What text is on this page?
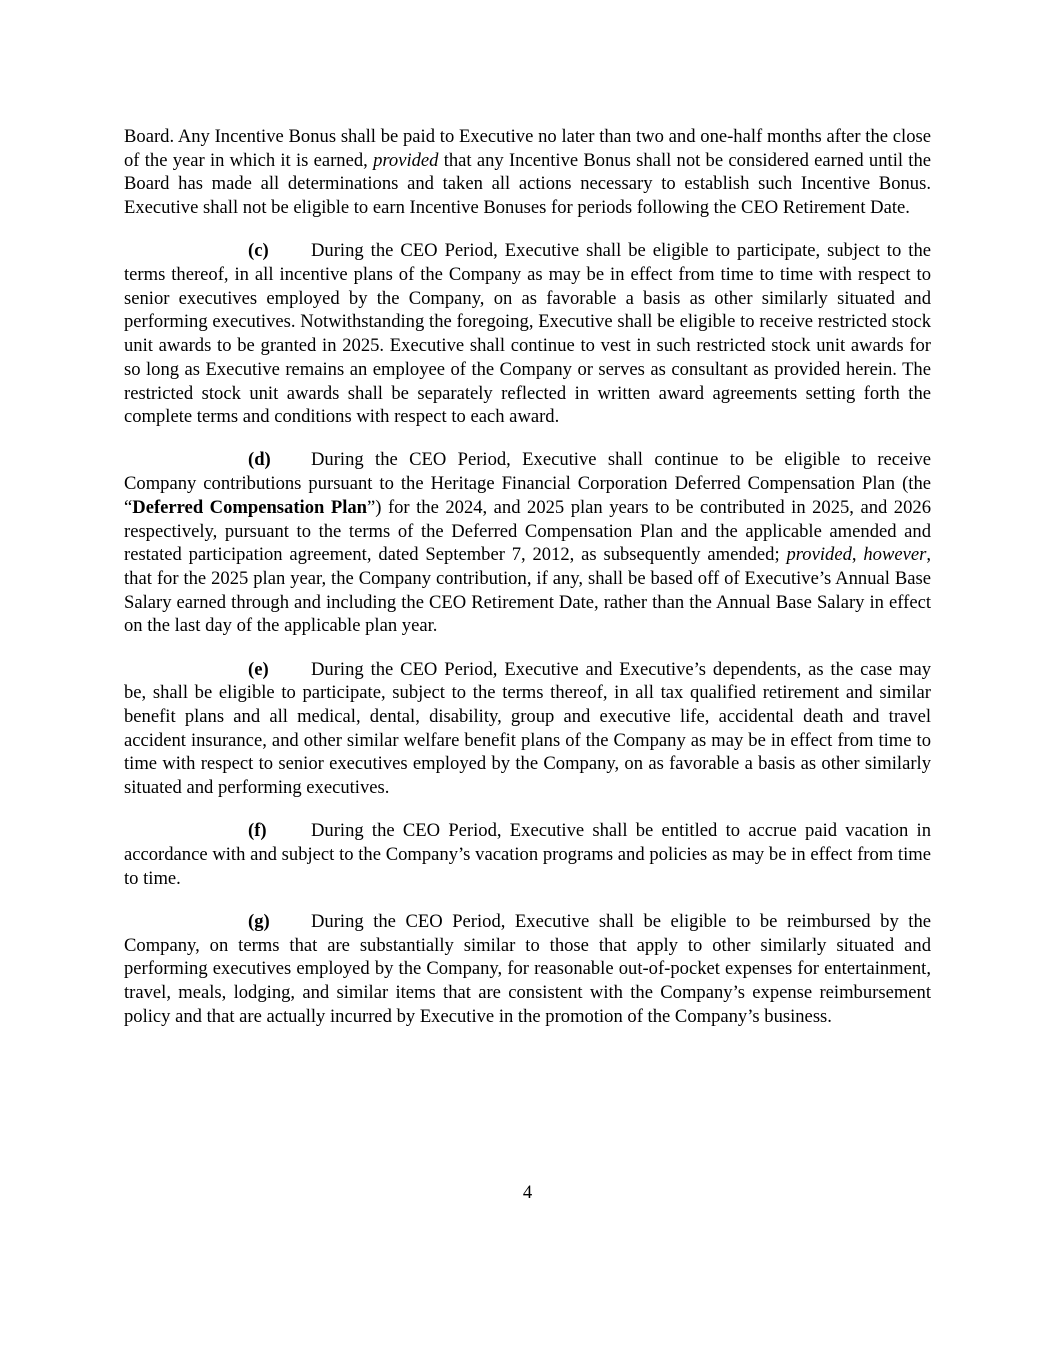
Board. Any Incentive Bonus shall be paid to Executive no later than two and one-half months after the close of the year in which it is earned, provided that any Incentive Bonus shall not be considered earned until the Board has made all determinations and taken all actions necessary to establish such Incentive Bonus. Executive shall not be eligible to earn Incentive Bonuses for periods following the CEO Retirement Date.

(c) During the CEO Period, Executive shall be eligible to participate, subject to the terms thereof, in all incentive plans of the Company as may be in effect from time to time with respect to senior executives employed by the Company, on as favorable a basis as other similarly situated and performing executives. Notwithstanding the foregoing, Executive shall be eligible to receive restricted stock unit awards to be granted in 2025. Executive shall continue to vest in such restricted stock unit awards for so long as Executive remains an employee of the Company or serves as consultant as provided herein. The restricted stock unit awards shall be separately reflected in written award agreements setting forth the complete terms and conditions with respect to each award.

(d) During the CEO Period, Executive shall continue to be eligible to receive Company contributions pursuant to the Heritage Financial Corporation Deferred Compensation Plan (the “Deferred Compensation Plan”) for the 2024, and 2025 plan years to be contributed in 2025, and 2026 respectively, pursuant to the terms of the Deferred Compensation Plan and the applicable amended and restated participation agreement, dated September 7, 2012, as subsequently amended; provided, however, that for the 2025 plan year, the Company contribution, if any, shall be based off of Executive’s Annual Base Salary earned through and including the CEO Retirement Date, rather than the Annual Base Salary in effect on the last day of the applicable plan year.

(e) During the CEO Period, Executive and Executive’s dependents, as the case may be, shall be eligible to participate, subject to the terms thereof, in all tax qualified retirement and similar benefit plans and all medical, dental, disability, group and executive life, accidental death and travel accident insurance, and other similar welfare benefit plans of the Company as may be in effect from time to time with respect to senior executives employed by the Company, on as favorable a basis as other similarly situated and performing executives.

(f) During the CEO Period, Executive shall be entitled to accrue paid vacation in accordance with and subject to the Company’s vacation programs and policies as may be in effect from time to time.

(g) During the CEO Period, Executive shall be eligible to be reimbursed by the Company, on terms that are substantially similar to those that apply to other similarly situated and performing executives employed by the Company, for reasonable out-of-pocket expenses for entertainment, travel, meals, lodging, and similar items that are consistent with the Company’s expense reimbursement policy and that are actually incurred by Executive in the promotion of the Company’s business.

4
